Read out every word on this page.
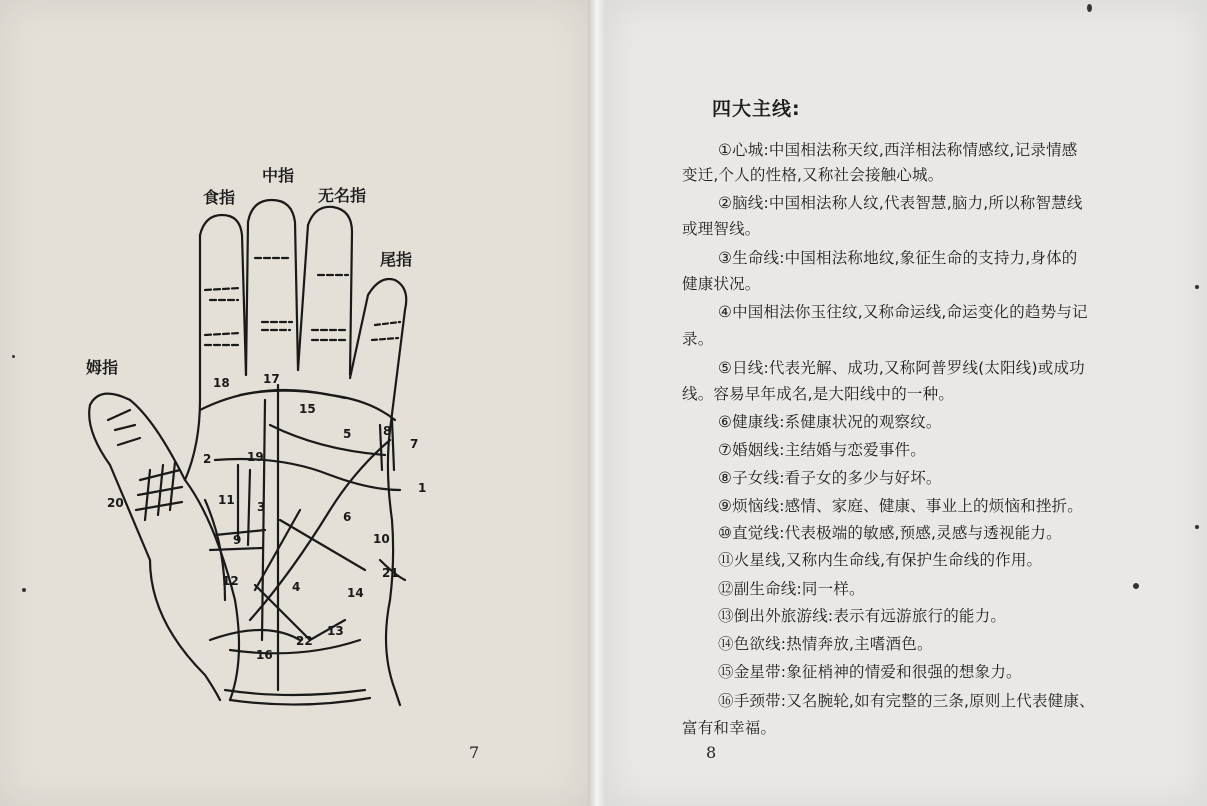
姆指
食指
中指
无名指
尾指
1
2
3
4
5
6
7
8
9	10
11
12
13
14
15
16
17
18
19
20
21
22
7
四大主线:
①心城:中国相法称天纹,西洋相法称情感纹,记录情感
变迁,个人的性格,又称社会接触心城。
②脑线:中国相法称人纹,代表智慧,脑力,所以称智慧线
或理智线。
③生命线:中国相法称地纹,象征生命的支持力,身体的
健康状况。
④中国相法你玉往纹,又称命运线,命运变化的趋势与记
录。
⑤日线:代表光解、成功,又称阿普罗线(太阳线)或成功
线。容易早年成名,是大阳线中的一种。
⑥健康线:系健康状况的观察纹。
⑦婚姻线:主结婚与恋爱事件。
⑧子女线:看子女的多少与好坏。
⑨烦恼线:感情、家庭、健康、事业上的烦恼和挫折。
⑩直觉线:代表极端的敏感,预感,灵感与透视能力。
⑪火星线,又称内生命线,有保护生命线的作用。
⑫副生命线:同一样。
⑬倒出外旅游线:表示有远游旅行的能力。
⑭色欲线:热情奔放,主嗜酒色。
⑮金星带:象征梢神的情爱和很强的想象力。
⑯手颈带:又名腕轮,如有完整的三条,原则上代表健康、
富有和幸福。
8
